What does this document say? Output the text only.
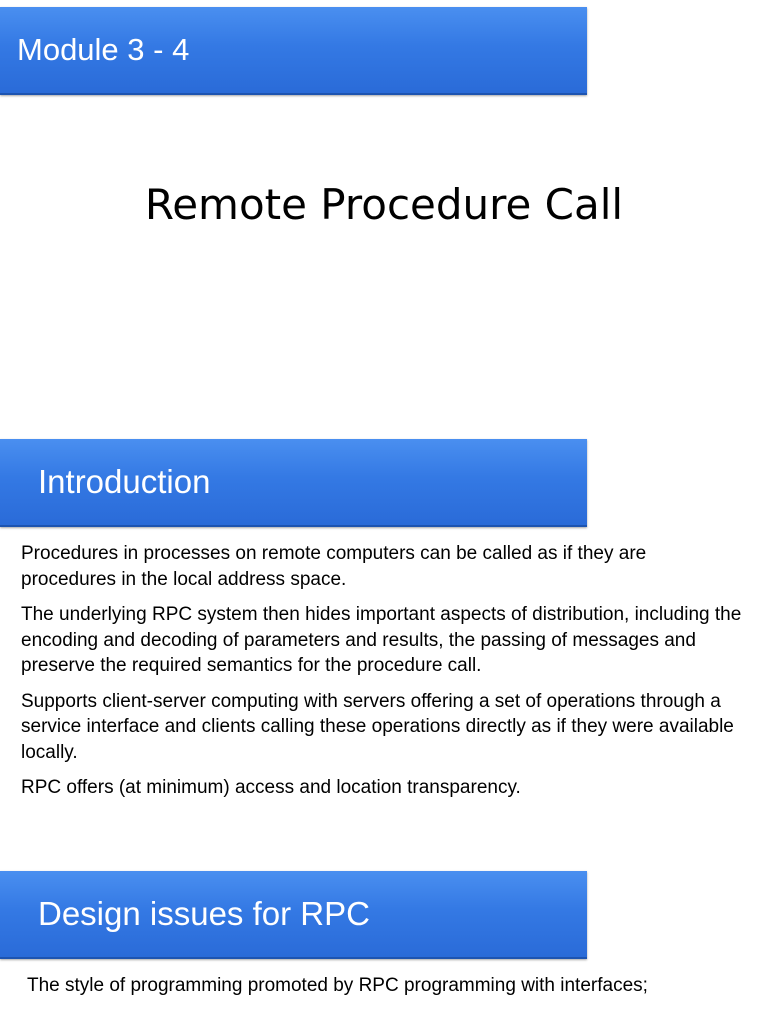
Module 3 - 4
Remote Procedure Call
Introduction

Procedures in processes on remote computers can be called as if they are procedures in the local address space.

The underlying RPC system then hides important aspects of distribution, including the encoding and decoding of parameters and results, the passing of messages and preserve the required semantics for the procedure call.

Supports client-server computing with servers offering a set of operations through a service interface and clients calling these operations directly as if they were available locally.

RPC offers (at minimum) access and location transparency.

Design issues for RPC

The style of programming promoted by RPC programming with interfaces;
